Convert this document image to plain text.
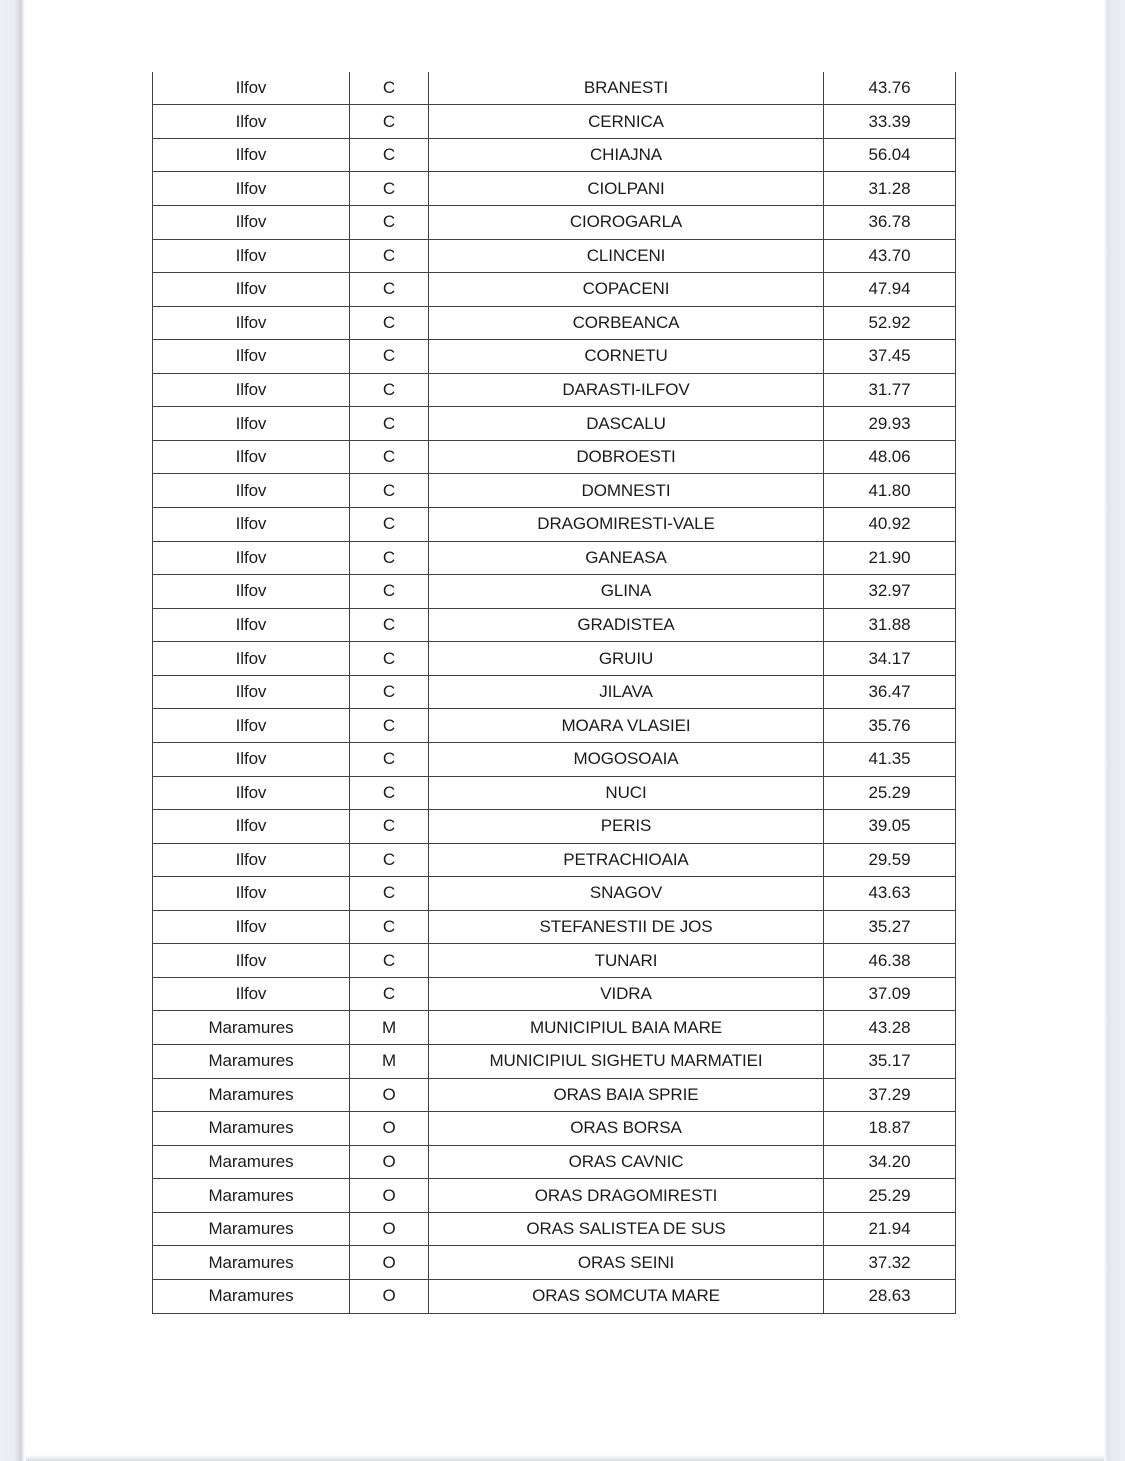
Ilfov	C	BRANESTI	43.76
Ilfov	C	CERNICA	33.39
Ilfov	C	CHIAJNA	56.04
Ilfov	C	CIOLPANI	31.28
Ilfov	C	CIOROGARLA	36.78
Ilfov	C	CLINCENI	43.70
Ilfov	C	COPACENI	47.94
Ilfov	C	CORBEANCA	52.92
Ilfov	C	CORNETU	37.45
Ilfov	C	DARASTI-ILFOV	31.77
Ilfov	C	DASCALU	29.93
Ilfov	C	DOBROESTI	48.06
Ilfov	C	DOMNESTI	41.80
Ilfov	C	DRAGOMIRESTI-VALE	40.92
Ilfov	C	GANEASA	21.90
Ilfov	C	GLINA	32.97
Ilfov	C	GRADISTEA	31.88
Ilfov	C	GRUIU	34.17
Ilfov	C	JILAVA	36.47
Ilfov	C	MOARA VLASIEI	35.76
Ilfov	C	MOGOSOAIA	41.35
Ilfov	C	NUCI	25.29
Ilfov	C	PERIS	39.05
Ilfov	C	PETRACHIOAIA	29.59
Ilfov	C	SNAGOV	43.63
Ilfov	C	STEFANESTII DE JOS	35.27
Ilfov	C	TUNARI	46.38
Ilfov	C	VIDRA	37.09
Maramures	M	MUNICIPIUL BAIA MARE	43.28
Maramures	M	MUNICIPIUL SIGHETU MARMATIEI	35.17
Maramures	O	ORAS BAIA SPRIE	37.29
Maramures	O	ORAS BORSA	18.87
Maramures	O	ORAS CAVNIC	34.20
Maramures	O	ORAS DRAGOMIRESTI	25.29
Maramures	O	ORAS SALISTEA DE SUS	21.94
Maramures	O	ORAS SEINI	37.32
Maramures	O	ORAS SOMCUTA MARE	28.63
